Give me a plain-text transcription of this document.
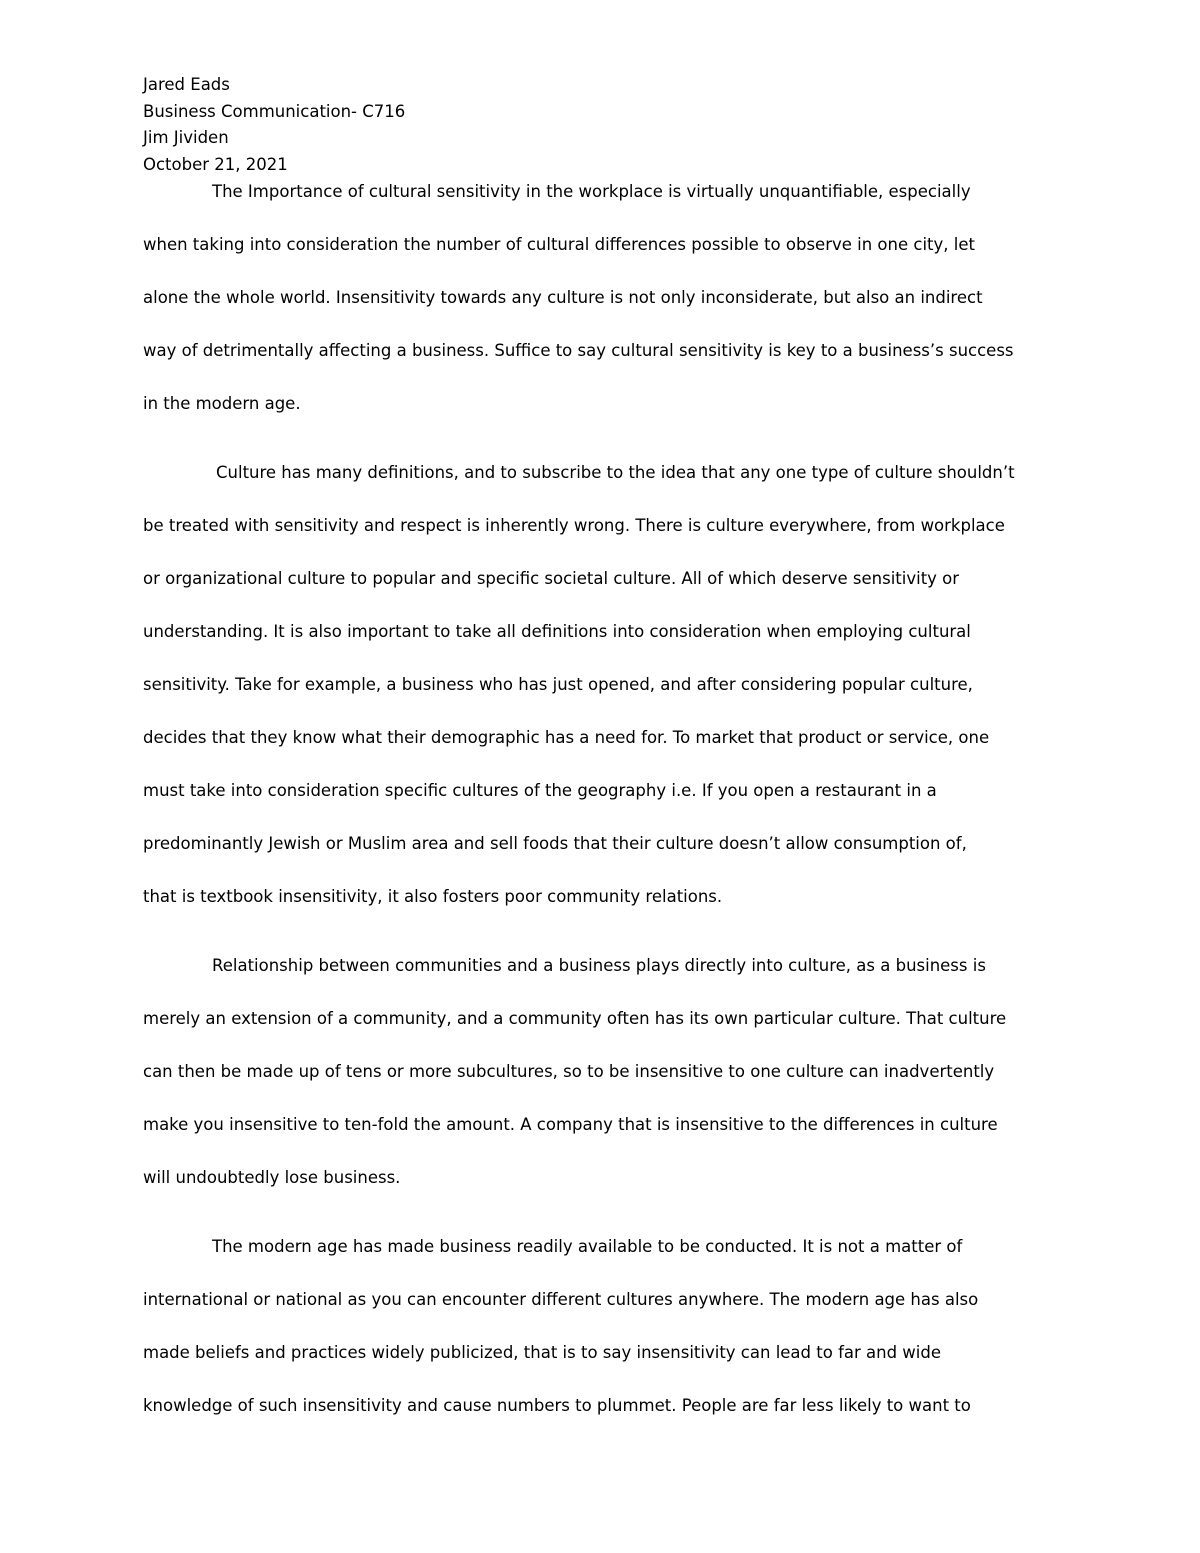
Jared Eads
Business Communication- C716
Jim Jividen
October 21, 2021

The Importance of cultural sensitivity in the workplace is virtually unquantifiable, especially
when taking into consideration the number of cultural differences possible to observe in one city, let
alone the whole world. Insensitivity towards any culture is not only inconsiderate, but also an indirect
way of detrimentally affecting a business. Suffice to say cultural sensitivity is key to a business’s success
in the modern age.

Culture has many definitions, and to subscribe to the idea that any one type of culture shouldn’t
be treated with sensitivity and respect is inherently wrong. There is culture everywhere, from workplace
or organizational culture to popular and specific societal culture. All of which deserve sensitivity or
understanding. It is also important to take all definitions into consideration when employing cultural
sensitivity. Take for example, a business who has just opened, and after considering popular culture,
decides that they know what their demographic has a need for. To market that product or service, one
must take into consideration specific cultures of the geography i.e. If you open a restaurant in a
predominantly Jewish or Muslim area and sell foods that their culture doesn’t allow consumption of,
that is textbook insensitivity, it also fosters poor community relations.

Relationship between communities and a business plays directly into culture, as a business is
merely an extension of a community, and a community often has its own particular culture. That culture
can then be made up of tens or more subcultures, so to be insensitive to one culture can inadvertently
make you insensitive to ten-fold the amount. A company that is insensitive to the differences in culture
will undoubtedly lose business.

The modern age has made business readily available to be conducted. It is not a matter of
international or national as you can encounter different cultures anywhere. The modern age has also
made beliefs and practices widely publicized, that is to say insensitivity can lead to far and wide
knowledge of such insensitivity and cause numbers to plummet. People are far less likely to want to
